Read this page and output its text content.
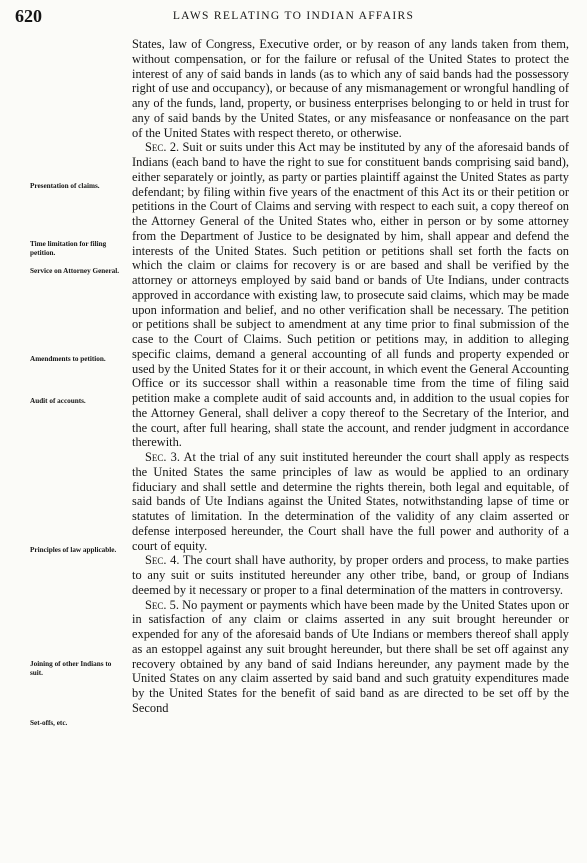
620	LAWS RELATING TO INDIAN AFFAIRS
Presentation of claims.
Time limitation for filing petition.
Service on Attorney General.
Amendments to petition.
Audit of accounts.
Principles of law applicable.
Joining of other Indians to suit.
Set-offs, etc.

States, law of Congress, Executive order, or by reason of any lands taken from them, without compensation, or for the failure or refusal of the United States to protect the interest of any of said bands in lands (as to which any of said bands had the possessory right of use and occupancy), or because of any mismanagement or wrongful handling of any of the funds, land, property, or business enterprises belonging to or held in trust for any of said bands by the United States, or any misfeasance or nonfeasance on the part of the United States with respect thereto, or otherwise.

Sec. 2. Suit or suits under this Act may be instituted by any of the aforesaid bands of Indians (each band to have the right to sue for constituent bands comprising said band), either separately or jointly, as party or parties plaintiff against the United States as party defendant; by filing within five years of the enactment of this Act its or their petition or petitions in the Court of Claims and serving with respect to each suit, a copy thereof on the Attorney General of the United States who, either in person or by some attorney from the Department of Justice to be designated by him, shall appear and defend the interests of the United States. Such petition or petitions shall set forth the facts on which the claim or claims for recovery is or are based and shall be verified by the attorney or attorneys employed by said band or bands of Ute Indians, under contracts approved in accordance with existing law, to prosecute said claims, which may be made upon information and belief, and no other verification shall be necessary. The petition or petitions shall be subject to amendment at any time prior to final submission of the case to the Court of Claims. Such petition or petitions may, in addition to alleging specific claims, demand a general accounting of all funds and property expended or used by the United States for it or their account, in which event the General Accounting Office or its successor shall within a reasonable time from the time of filing said petition make a complete audit of said accounts and, in addition to the usual copies for the Attorney General, shall deliver a copy thereof to the Secretary of the Interior, and the court, after full hearing, shall state the account, and render judgment in accordance therewith.

Sec. 3. At the trial of any suit instituted hereunder the court shall apply as respects the United States the same principles of law as would be applied to an ordinary fiduciary and shall settle and determine the rights therein, both legal and equitable, of said bands of Ute Indians against the United States, notwithstanding lapse of time or statutes of limitation. In the determination of the validity of any claim asserted or defense interposed hereunder, the Court shall have the full power and authority of a court of equity.

Sec. 4. The court shall have authority, by proper orders and process, to make parties to any suit or suits instituted hereunder any other tribe, band, or group of Indians deemed by it necessary or proper to a final determination of the matters in controversy.

Sec. 5. No payment or payments which have been made by the United States upon or in satisfaction of any claim or claims asserted in any suit brought hereunder or expended for any of the aforesaid bands of Ute Indians or members thereof shall apply as an estoppel against any suit brought hereunder, but there shall be set off against any recovery obtained by any band of said Indians hereunder, any payment made by the United States on any claim asserted by said band and such gratuity expenditures made by the United States for the benefit of said band as are directed to be set off by the Second
